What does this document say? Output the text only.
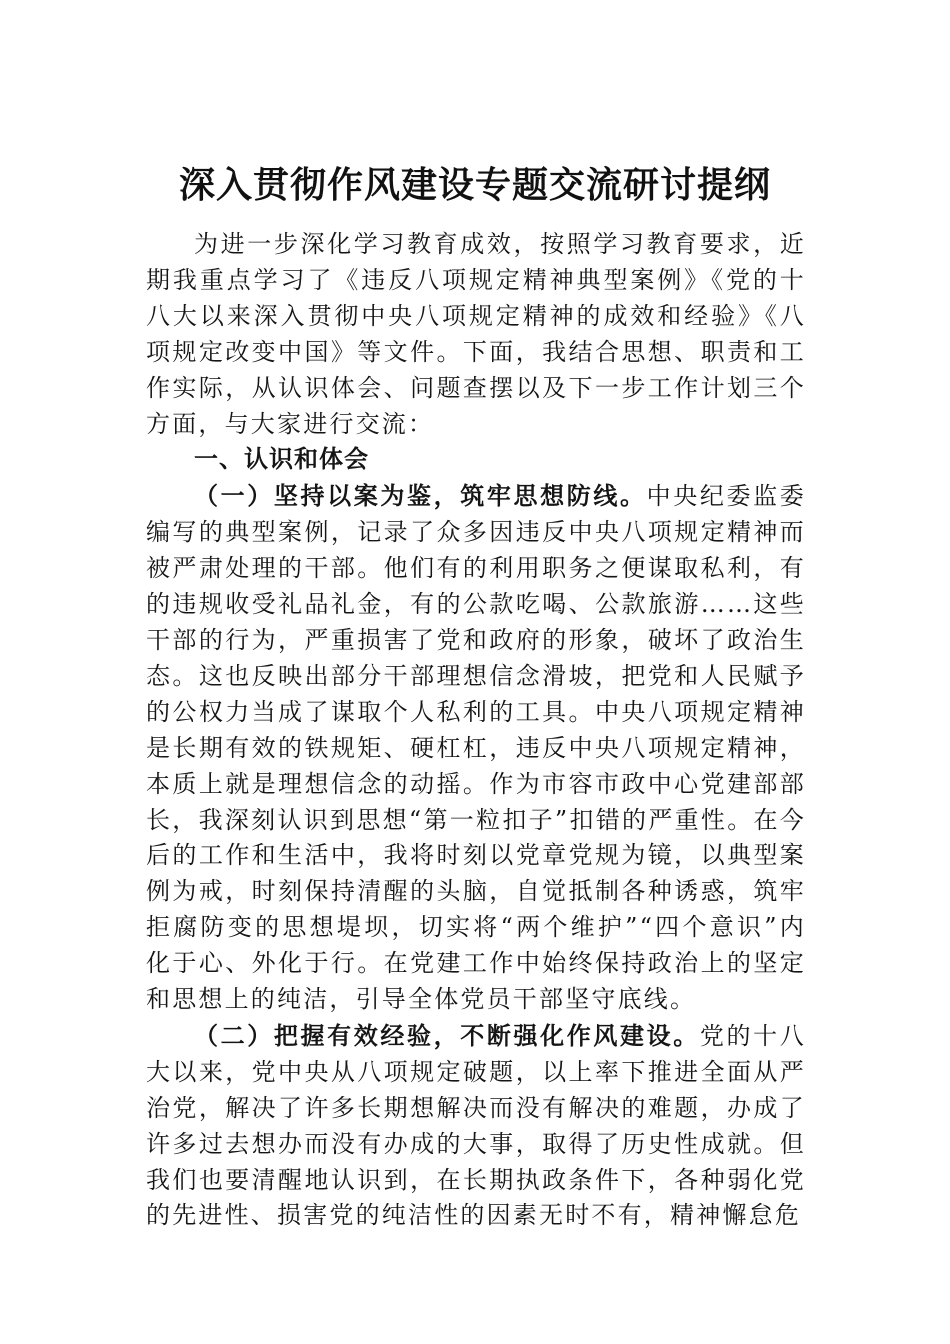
深入贯彻作风建设专题交流研讨提纲

为进一步深化学习教育成效，按照学习教育要求，近期我重点学习了《违反八项规定精神典型案例》《党的十八大以来深入贯彻中央八项规定精神的成效和经验》《八项规定改变中国》等文件。下面，我结合思想、职责和工作实际，从认识体会、问题查摆以及下一步工作计划三个方面，与大家进行交流：

一、认识和体会

（一）坚持以案为鉴，筑牢思想防线。中央纪委监委编写的典型案例，记录了众多因违反中央八项规定精神而被严肃处理的干部。他们有的利用职务之便谋取私利，有的违规收受礼品礼金，有的公款吃喝、公款旅游……这些干部的行为，严重损害了党和政府的形象，破坏了政治生态。这也反映出部分干部理想信念滑坡，把党和人民赋予的公权力当成了谋取个人私利的工具。中央八项规定精神是长期有效的铁规矩、硬杠杠，违反中央八项规定精神，本质上就是理想信念的动摇。作为市容市政中心党建部部长，我深刻认识到思想“第一粒扣子”扣错的严重性。在今后的工作和生活中，我将时刻以党章党规为镜，以典型案例为戒，时刻保持清醒的头脑，自觉抵制各种诱惑，筑牢拒腐防变的思想堤坝，切实将“两个维护”“四个意识”内化于心、外化于行。在党建工作中始终保持政治上的坚定和思想上的纯洁，引导全体党员干部坚守底线。

（二）把握有效经验，不断强化作风建设。党的十八大以来，党中央从八项规定破题，以上率下推进全面从严治党，解决了许多长期想解决而没有解决的难题，办成了许多过去想办而没有办成的大事，取得了历史性成就。但我们也要清醒地认识到，在长期执政条件下，各种弱化党的先进性、损害党的纯洁性的因素无时不有，精神懈怠危
